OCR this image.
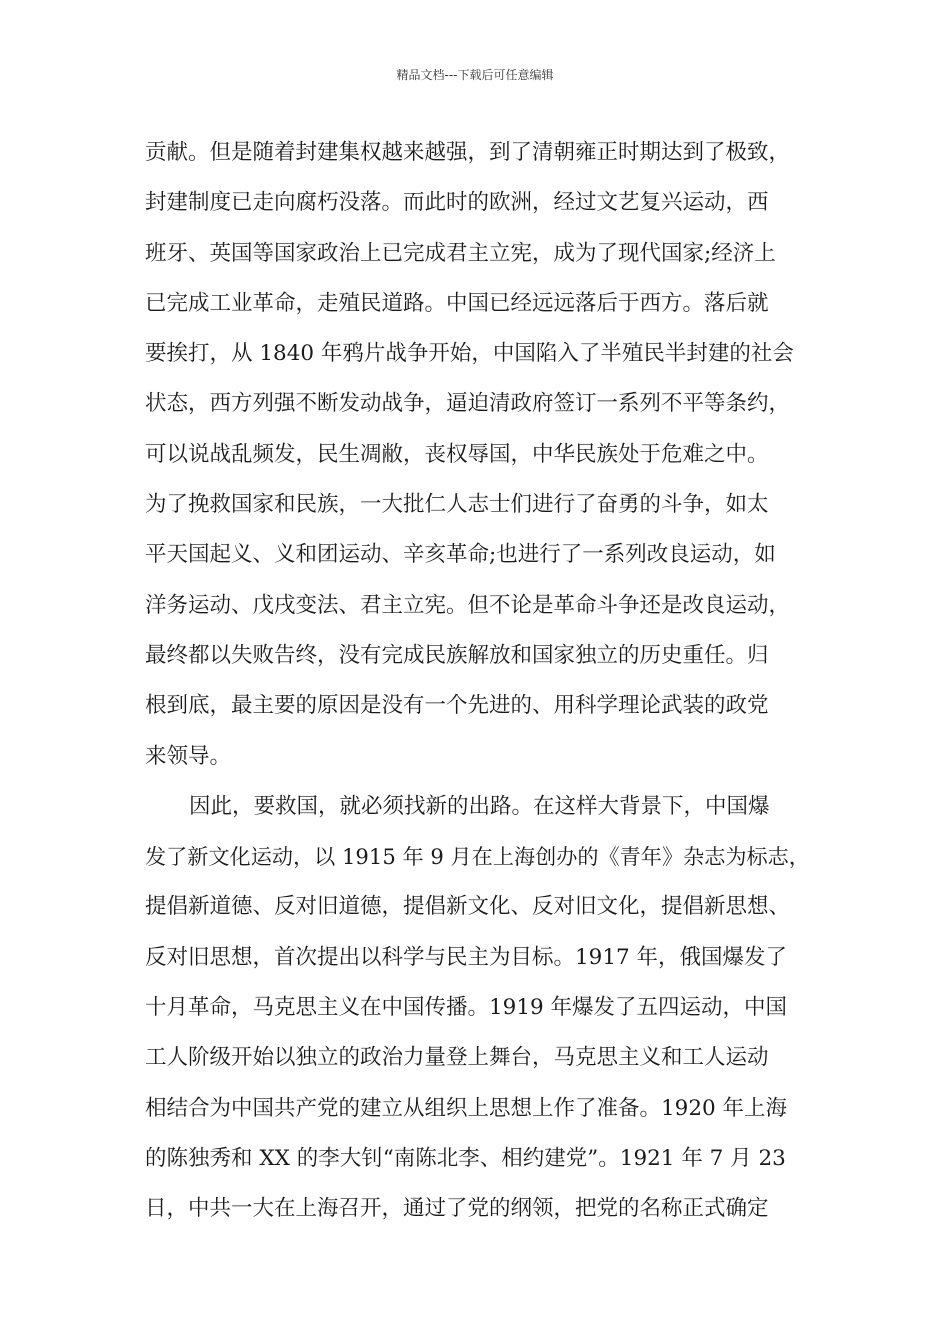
精品文档---下载后可任意编辑
贡献。但是随着封建集权越来越强，到了清朝雍正时期达到了极致，
封建制度已走向腐朽没落。而此时的欧洲，经过文艺复兴运动，西
班牙、英国等国家政治上已完成君主立宪，成为了现代国家;经济上
已完成工业革命，走殖民道路。中国已经远远落后于西方。落后就
要挨打，从 1840 年鸦片战争开始，中国陷入了半殖民半封建的社会
状态，西方列强不断发动战争，逼迫清政府签订一系列不平等条约，
可以说战乱频发，民生凋敝，丧权辱国，中华民族处于危难之中。
为了挽救国家和民族，一大批仁人志士们进行了奋勇的斗争，如太
平天国起义、义和团运动、辛亥革命;也进行了一系列改良运动，如
洋务运动、戊戌变法、君主立宪。但不论是革命斗争还是改良运动，
最终都以失败告终，没有完成民族解放和国家独立的历史重任。归
根到底，最主要的原因是没有一个先进的、用科学理论武装的政党
来领导。
因此，要救国，就必须找新的出路。在这样大背景下，中国爆
发了新文化运动，以 1915 年 9 月在上海创办的《青年》杂志为标志，
提倡新道德、反对旧道德，提倡新文化、反对旧文化，提倡新思想、
反对旧思想，首次提出以科学与民主为目标。1917 年，俄国爆发了
十月革命，马克思主义在中国传播。1919 年爆发了五四运动，中国
工人阶级开始以独立的政治力量登上舞台，马克思主义和工人运动
相结合为中国共产党的建立从组织上思想上作了准备。1920 年上海
的陈独秀和 XX 的李大钊“南陈北李、相约建党”。1921 年 7 月 23
日，中共一大在上海召开，通过了党的纲领，把党的名称正式确定
